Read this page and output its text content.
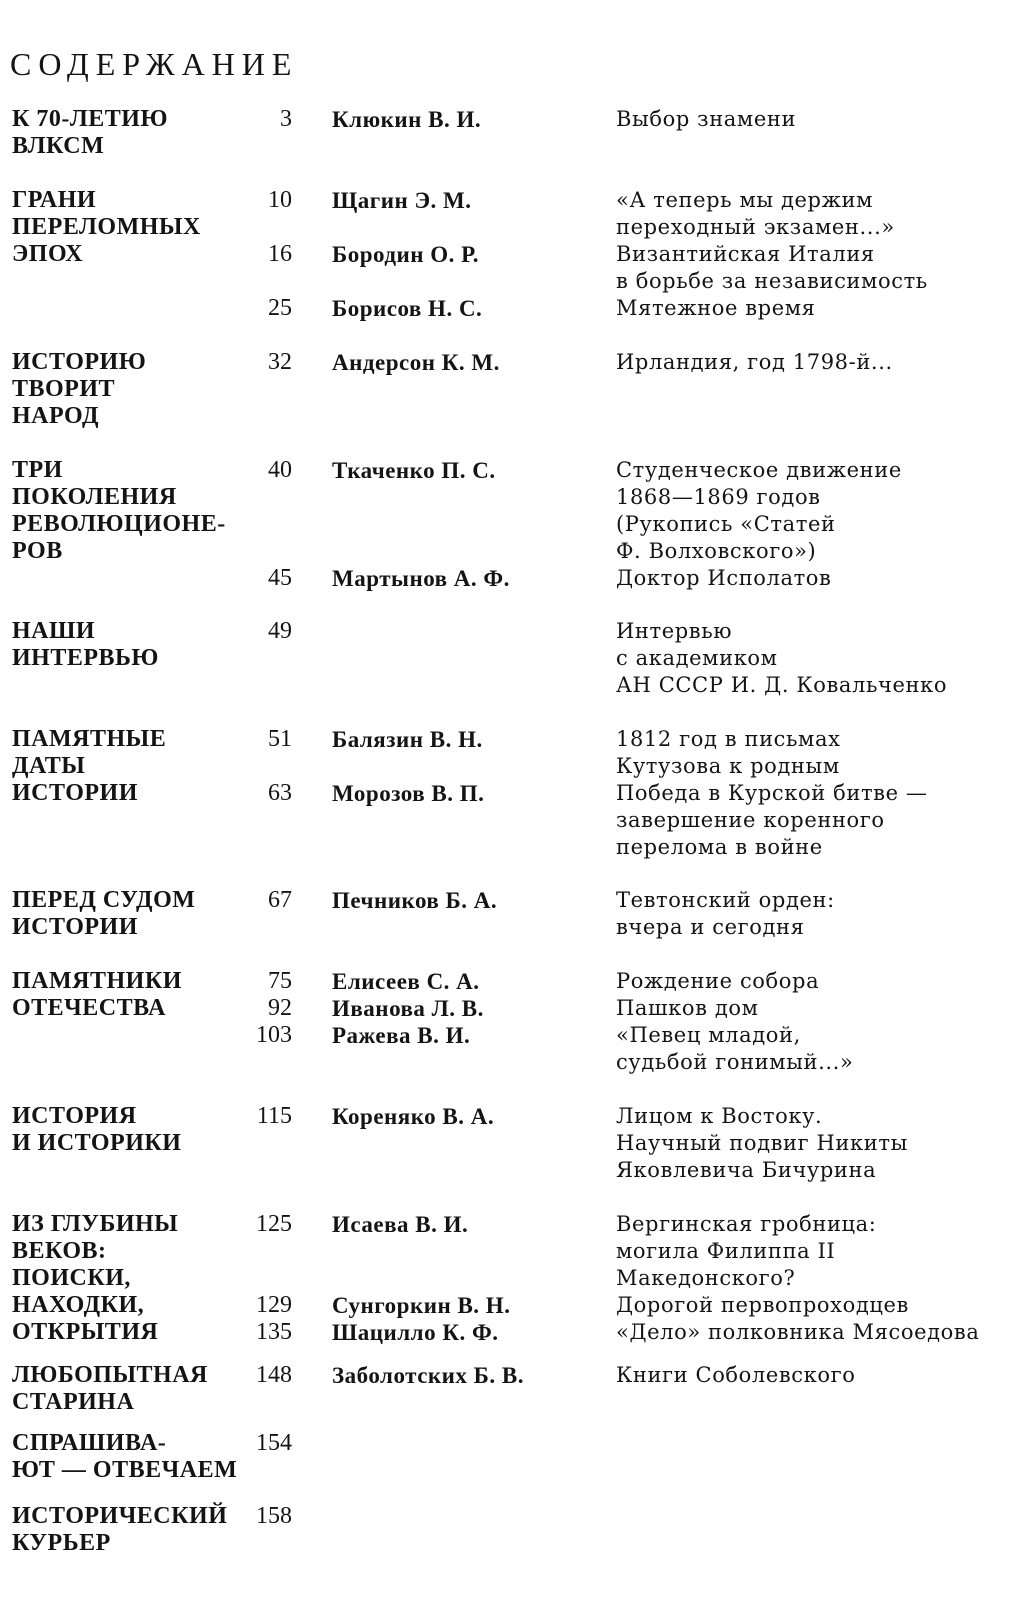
СОДЕРЖАНИЕ
К 70-ЛЕТИЮ
ВЛКСМ
3 Клюкин В. И.	Выбор знамени
ГРАНИ
ПЕРЕЛОМНЫХ
ЭПОХ
10 Щагин Э. М.	«А теперь мы держим
переходный экзамен...»
16 Бородин О. Р.	Византийская Италия
в борьбе за независимость
25 Борисов Н. С.	Мятежное время
ИСТОРИЮ
ТВОРИТ
НАРОД
32 Андерсон К. М.	Ирландия, год 1798-й...
ТРИ
ПОКОЛЕНИЯ
РЕВОЛЮЦИОНЕ-
РОВ
40 Ткаченко П. С.	Студенческое движение
1868—1869 годов
(Рукопись «Статей
Ф. Волховского»)
45 Мартынов А. Ф.	Доктор Исполатов
НАШИ
ИНТЕРВЬЮ
49	Интервью
с академиком
АН СССР И. Д. Ковальченко
ПАМЯТНЫЕ
ДАТЫ
ИСТОРИИ
51 Балязин В. Н.	1812 год в письмах
Кутузова к родным
63 Морозов В. П.	Победа в Курской битве —
завершение коренного
перелома в войне
ПЕРЕД СУДОМ
ИСТОРИИ
67 Печников Б. А.	Тевтонский орден:
вчера и сегодня
ПАМЯТНИКИ
ОТЕЧЕСТВА
75 Елисеев С. А.	Рождение собора
92 Иванова Л. В.	Пашков дом
103 Ражева В. И.	«Певец младой,
судьбой гонимый...»
ИСТОРИЯ
И ИСТОРИКИ
115 Кореняко В. А.	Лицом к Востоку.
Научный подвиг Никиты
Яковлевича Бичурина
ИЗ ГЛУБИНЫ
ВЕКОВ:
ПОИСКИ,
НАХОДКИ,
ОТКРЫТИЯ
125 Исаева В. И.	Вергинская гробница:
могила Филиппа II
Македонского?
129 Сунгоркин В. Н.	Дорогой первопроходцев
135 Шацилло К. Ф.	«Дело» полковника Мясоедова
ЛЮБОПЫТНАЯ
СТАРИНА
148 Заболотских Б. В.	Книги Соболевского
СПРАШИВА-
ЮТ — ОТВЕЧАЕМ
154
ИСТОРИЧЕСКИЙ
КУРЬЕР
158
